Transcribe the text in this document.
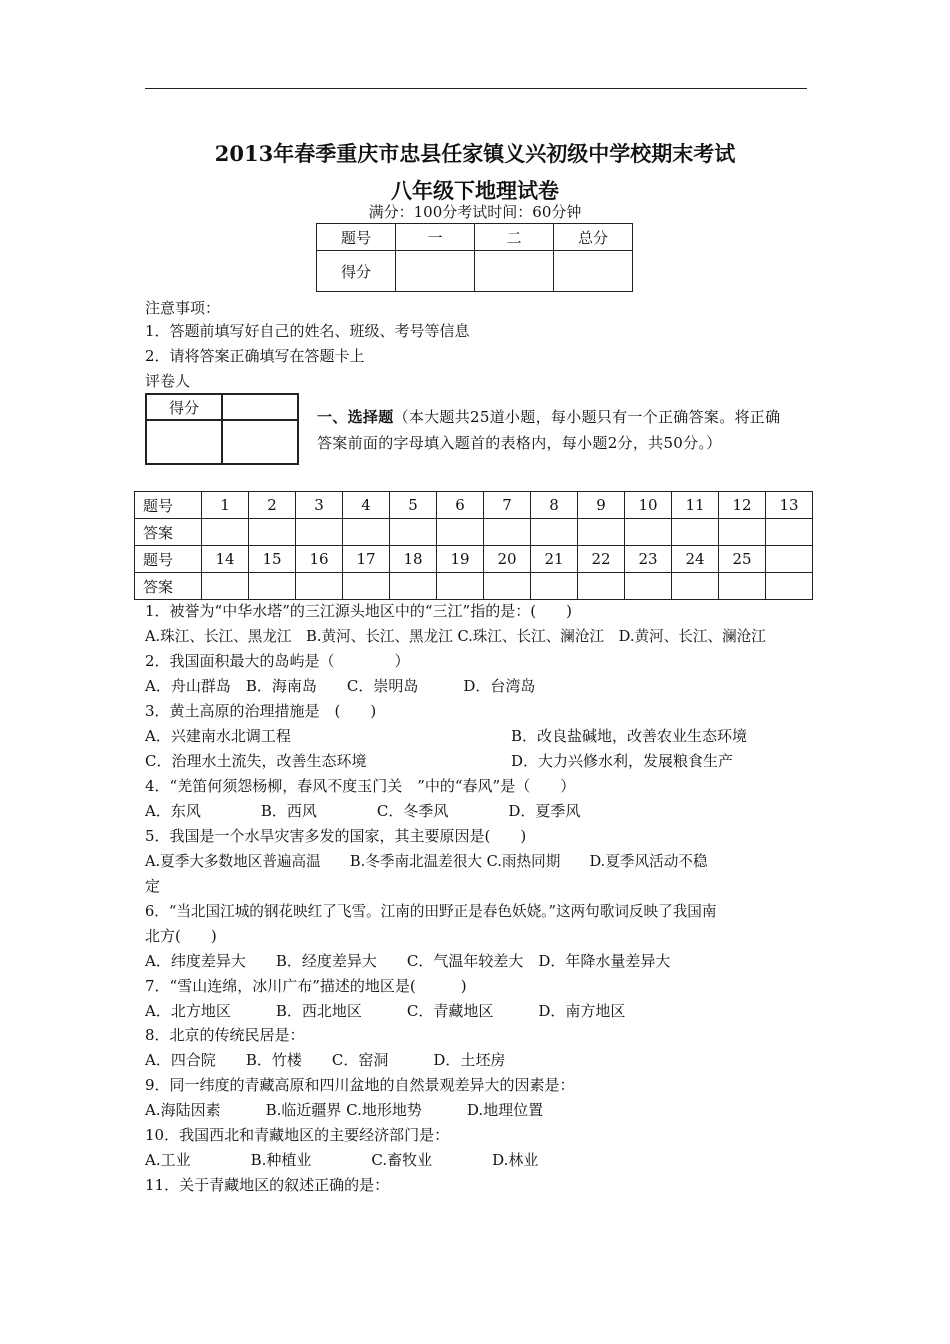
2013年春季重庆市忠县任家镇义兴初级中学校期末考试
八年级下地理试卷
满分：100分考试时间：60分钟
题号	一	二	总分
得分			
注意事项：
1．答题前填写好自己的姓名、班级、考号等信息
2．请将答案正确填写在答题卡上
评卷人
得分	

一、选择题（本大题共25道小题，每小题只有一个正确答案。将正确
答案前面的字母填入题首的表格内，每小题2分，共50分。）
题号	1	2	3	4	5	6	7	8	9	10	11	12	13
答案													
题号	14	15	16	17	18	19	20	21	22	23	24	25	
答案													
1．被誉为“中华水塔”的三江源头地区中的“三江”指的是：(　　)
A.珠江、长江、黑龙江　B.黄河、长江、黑龙江 C.珠江、长江、澜沧江　D.黄河、长江、澜沧江
2．我国面积最大的岛屿是（　　　　）
A．舟山群岛　B．海南岛　　C．崇明岛　　　D．台湾岛
3．黄土高原的治理措施是　(　　)
A．兴建南水北调工程	B．改良盐碱地，改善农业生态环境
C．治理水土流失，改善生态环境	D．大力兴修水利，发展粮食生产
4．“羌笛何须怨杨柳，春风不度玉门关　”中的“春风”是（　　）
A．东风　　　　B．西风　　　　C．冬季风　　　　D．夏季风
5．我国是一个水旱灾害多发的国家，其主要原因是(　　)
A.夏季大多数地区普遍高温　　B.冬季南北温差很大 C.雨热同期　　D.夏季风活动不稳
定
6．“当北国江城的钢花映红了飞雪。江南的田野正是春色妖娆。”这两句歌词反映了我国南
北方(　　)
A．纬度差异大　　B．经度差异大　　C．气温年较差大　D．年降水量差异大
7．“雪山连绵，冰川广布”描述的地区是(　　　)
A．北方地区　　　B．西北地区　　　C．青藏地区　　　D．南方地区
8．北京的传统民居是：
A．四合院　　B．竹楼　　C．窑洞　　　D．土坯房
9．同一纬度的青藏高原和四川盆地的自然景观差异大的因素是：
A.海陆因素　　　B.临近疆界 C.地形地势　　　D.地理位置
10．我国西北和青藏地区的主要经济部门是：
A.工业　　　　B.种植业　　　　C.畜牧业　　　　D.林业
11．关于青藏地区的叙述正确的是：
